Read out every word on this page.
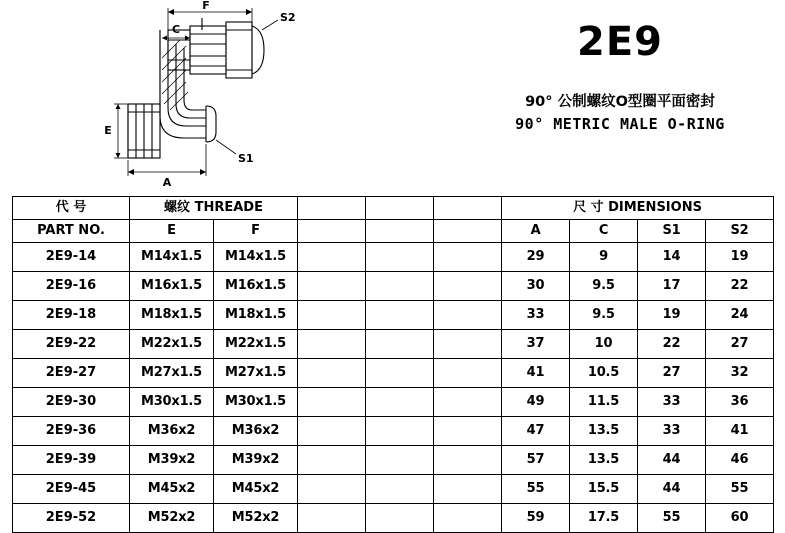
F
S2
C
E
A
S1
2E9
90° 公制螺纹O型圈平面密封
90° METRIC MALE O-RING
代 号	螺纹 THREADE					尺 寸 DIMENSIONS			
PART NO.	E	F				A	C	S1	S2
2E9-14	M14x1.5	M14x1.5				29	9	14	19
2E9-16	M16x1.5	M16x1.5				30	9.5	17	22
2E9-18	M18x1.5	M18x1.5				33	9.5	19	24
2E9-22	M22x1.5	M22x1.5				37	10	22	27
2E9-27	M27x1.5	M27x1.5				41	10.5	27	32
2E9-30	M30x1.5	M30x1.5				49	11.5	33	36
2E9-36	M36x2	M36x2				47	13.5	33	41
2E9-39	M39x2	M39x2				57	13.5	44	46
2E9-45	M45x2	M45x2				55	15.5	44	55
2E9-52	M52x2	M52x2				59	17.5	55	60
